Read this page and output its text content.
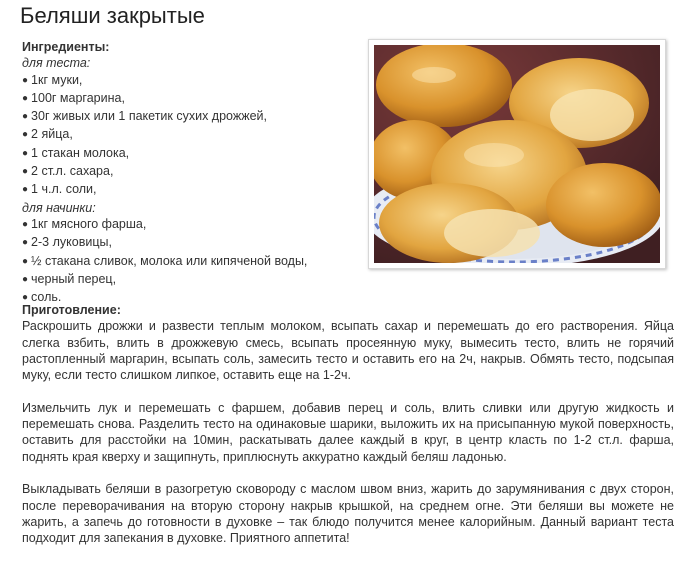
Беляши закрытые
Ингредиенты:
для теста:
● 1кг муки,
● 100г маргарина,
● 30г живых или 1 пакетик сухих дрожжей,
● 2 яйца,
● 1 стакан молока,
● 2 ст.л. сахара,
● 1 ч.л. соли,
для начинки:
● 1кг мясного фарша,
● 2-3 луковицы,
● ½ стакана сливок, молока или кипяченой воды,
● черный перец,
● соль.
Приготовление:

Раскрошить дрожжи и развести теплым молоком, всыпать сахар и перемешать до его растворения. Яйца слегка взбить, влить в дрожжевую смесь, всыпать просеянную муку, вымесить тесто, влить не горячий растопленный маргарин, всыпать соль, замесить тесто и оставить его на 2ч, накрыв. Обмять тесто, подсыпая муку, если тесто слишком липкое, оставить еще на 1-2ч.

Измельчить лук и перемешать с фаршем, добавив перец и соль, влить сливки или другую жидкость и перемешать снова. Разделить тесто на одинаковые шарики, выложить их на присыпанную мукой поверхность, оставить для расстойки на 10мин, раскатывать далее каждый в круг, в центр класть по 1-2 ст.л. фарша, поднять края кверху и защипнуть, приплюснуть аккуратно каждый беляш ладонью.

Выкладывать беляши в разогретую сковороду с маслом швом вниз, жарить до зарумянивания с двух сторон, после переворачивания на вторую сторону накрыв крышкой, на среднем огне. Эти беляши вы можете не жарить, а запечь до готовности в духовке – так блюдо получится менее калорийным. Данный вариант теста подходит для запекания в духовке. Приятного аппетита!
